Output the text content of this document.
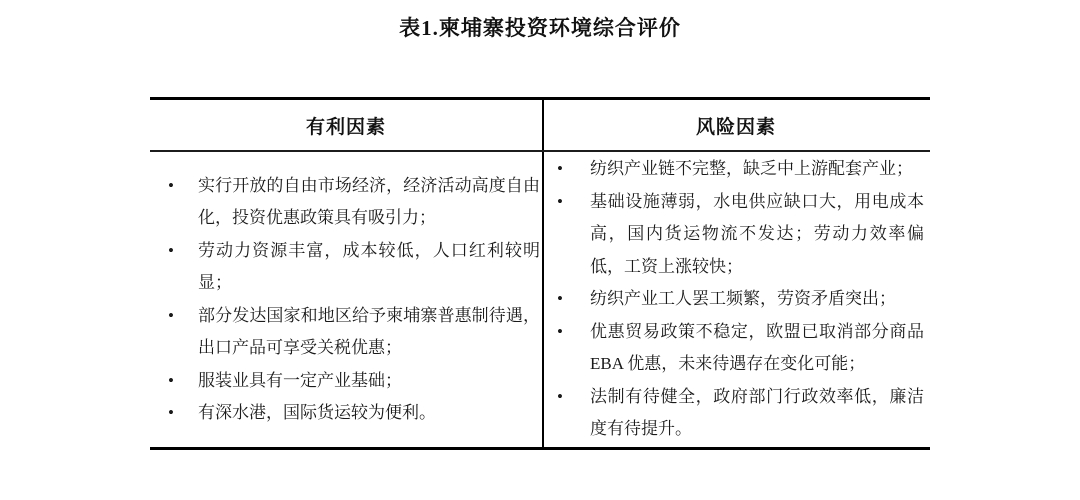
表1.柬埔寨投资环境综合评价
有利因素	风险因素
• 实行开放的自由市场经济，经济活动高度自由化，投资优惠政策具有吸引力；
• 劳动力资源丰富，成本较低，人口红利较明显；
• 部分发达国家和地区给予柬埔寨普惠制待遇，出口产品可享受关税优惠；
• 服装业具有一定产业基础；
• 有深水港，国际货运较为便利。
• 纺织产业链不完整，缺乏中上游配套产业；
• 基础设施薄弱，水电供应缺口大，用电成本高，国内货运物流不发达；劳动力效率偏低，工资上涨较快；
• 纺织产业工人罢工频繁，劳资矛盾突出；
• 优惠贸易政策不稳定，欧盟已取消部分商品 EBA 优惠，未来待遇存在变化可能；
• 法制有待健全，政府部门行政效率低，廉洁度有待提升。
